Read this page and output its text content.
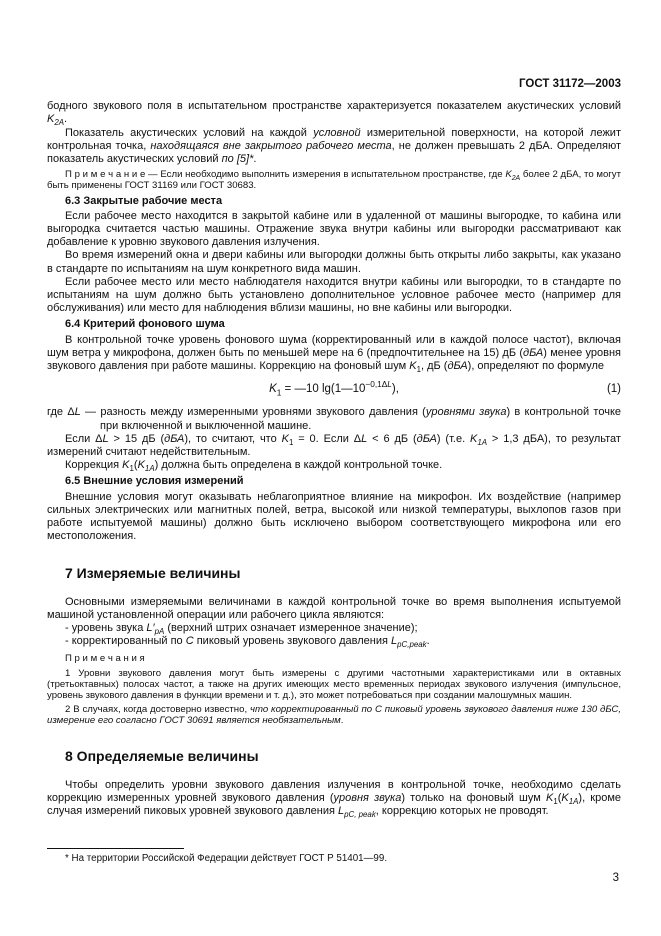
ГОСТ 31172—2003
бодного звукового поля в испытательном пространстве характеризуется показателем акустических условий $K_{2A}$.
Показатель акустических условий на каждой условной измерительной поверхности, на которой лежит контрольная точка, находящаяся вне закрытого рабочего места, не должен превышать 2 дБА. Определяют показатель акустических условий по [5]*.
П р и м е ч а н и е — Если необходимо выполнить измерения в испытательном пространстве, где $K_{2A}$ более 2 дБА, то могут быть применены ГОСТ 31169 или ГОСТ 30683.
6.3 Закрытые рабочие места
Если рабочее место находится в закрытой кабине или в удаленной от машины выгородке, то кабина или выгородка считается частью машины. Отражение звука внутри кабины или выгородки рассматривают как добавление к уровню звукового давления излучения.
Во время измерений окна и двери кабины или выгородки должны быть открыты либо закрыты, как указано в стандарте по испытаниям на шум конкретного вида машин.
Если рабочее место или место наблюдателя находится внутри кабины или выгородки, то в стандарте по испытаниям на шум должно быть установлено дополнительное условное рабочее место (например для обслуживания) или место для наблюдения вблизи машины, но вне кабины или выгородки.
6.4 Критерий фонового шума
В контрольной точке уровень фонового шума (корректированный или в каждой полосе частот), включая шум ветра у микрофона, должен быть по меньшей мере на 6 (предпочтительнее на 15) дБ (дБА) менее уровня звукового давления при работе машины. Коррекцию на фоновый шум $K_1$, дБ (дБА), определяют по формуле
$K_1$ = —10 $\lg(1—10^{-0,1\Delta L})$,	(1)
где ΔL — разность между измеренными уровнями звукового давления (уровнями звука) в контрольной точке при включенной и выключенной машине.
Если ΔL > 15 дБ (дБА), то считают, что $K_1 = 0$. Если ΔL < 6 дБ (дБА) (т.е. $K_{1A} > 1,3$ дБА), то результат измерений считают недействительным.
Коррекция $K_1(K_{1A})$ должна быть определена в каждой контрольной точке.
6.5 Внешние условия измерений
Внешние условия могут оказывать неблагоприятное влияние на микрофон. Их воздействие (например сильных электрических или магнитных полей, ветра, высокой или низкой температуры, выхлопов газов при работе испытуемой машины) должно быть исключено выбором соответствующего микрофона или его местоположения.
7 Измеряемые величины
Основными измеряемыми величинами в каждой контрольной точке во время выполнения испытуемой машиной установленной операции или рабочего цикла являются:
- уровень звука $L'_{pA}$ (верхний штрих означает измеренное значение);
- корректированный по С пиковый уровень звукового давления $L_{pC,peak}$.
П р и м е ч а н и я
1 Уровни звукового давления могут быть измерены с другими частотными характеристиками или в октавных (третьоктавных) полосах частот, а также на других имеющих место временных периодах звукового излучения (импульсное, уровень звукового давления в функции времени и т. д.), это может потребоваться при создании малошумных машин.
2 В случаях, когда достоверно известно, что корректированный по С пиковый уровень звукового давления ниже 130 дБС, измерение его согласно ГОСТ 30691 является необязательным.
8 Определяемые величины
Чтобы определить уровни звукового давления излучения в контрольной точке, необходимо сделать коррекцию измеренных уровней звукового давления (уровня звука) только на фоновый шум $K_1(K_{1A})$, кроме случая измерений пиковых уровней звукового давления $L_{pC, peak}$, коррекцию которых не проводят.
* На территории Российской Федерации действует ГОСТ Р 51401—99.
3
